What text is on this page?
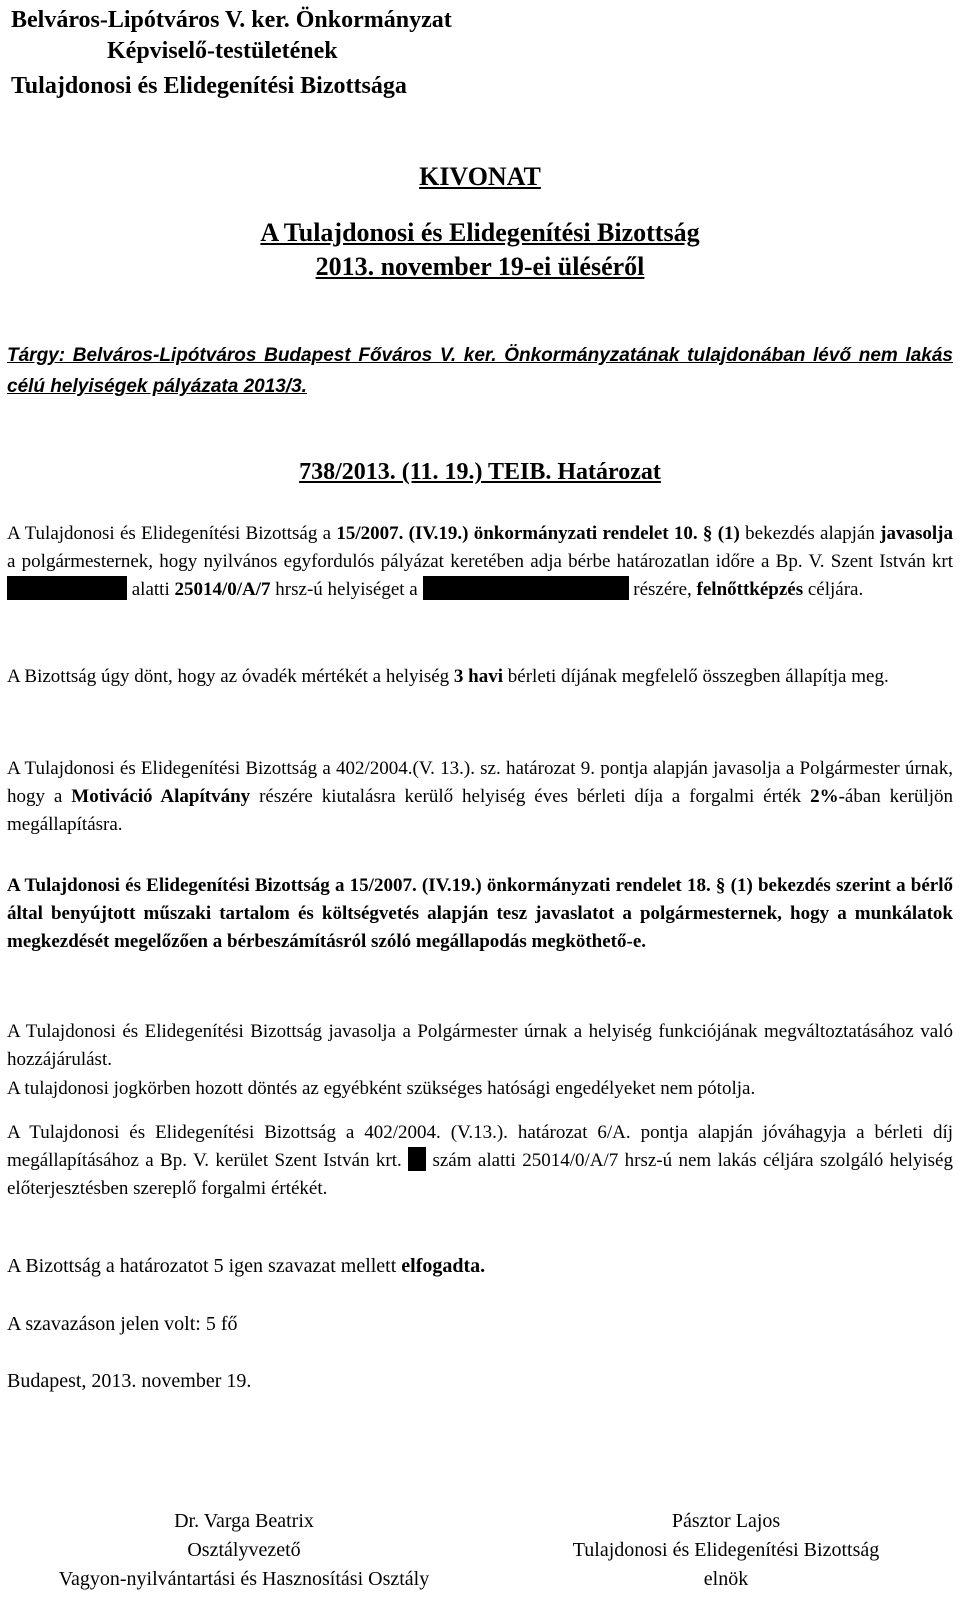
Belváros-Lipótváros V. ker. Önkormányzat
Képviselő-testületének
Tulajdonosi és Elidegenítési Bizottsága
KIVONAT
A Tulajdonosi és Elidegenítési Bizottság
2013. november 19-ei üléséről
Tárgy: Belváros-Lipótváros Budapest Főváros V. ker. Önkormányzatának tulajdonában lévő nem lakás célú helyiségek pályázata 2013/3.
738/2013. (11. 19.) TEIB. Határozat
A Tulajdonosi és Elidegenítési Bizottság a 15/2007. (IV.19.) önkormányzati rendelet 10. § (1) bekezdés alapján javasolja a polgármesternek, hogy nyilvános egyfordulós pályázat keretében adja bérbe határozatlan időre a Bp. V. Szent István krt alatti 25014/0/A/7 hrsz-ú helyiséget a	részére, felnőttképzés céljára.
A Bizottság úgy dönt, hogy az óvadék mértékét a helyiség 3 havi bérleti díjának megfelelő összegben állapítja meg.
A Tulajdonosi és Elidegenítési Bizottság a 402/2004.(V. 13.). sz. határozat 9. pontja alapján javasolja a Polgármester úrnak, hogy a Motiváció Alapítvány részére kiutalásra kerülő helyiség éves bérleti díja a forgalmi érték 2%-ában kerüljön megállapításra.
A Tulajdonosi és Elidegenítési Bizottság a 15/2007. (IV.19.) önkormányzati rendelet 18. § (1) bekezdés szerint a bérlő által benyújtott műszaki tartalom és költségvetés alapján tesz javaslatot a polgármesternek, hogy a munkálatok megkezdését megelőzően a bérbeszámításról szóló megállapodás megköthető-e.
A Tulajdonosi és Elidegenítési Bizottság javasolja a Polgármester úrnak a helyiség funkciójának megváltoztatásához való hozzájárulást.
A tulajdonosi jogkörben hozott döntés az egyébként szükséges hatósági engedélyeket nem pótolja.
A Tulajdonosi és Elidegenítési Bizottság a 402/2004. (V.13.). határozat 6/A. pontja alapján jóváhagyja a bérleti díj megállapításához a Bp. V. kerület Szent István krt.  szám alatti 25014/0/A/7 hrsz-ú nem lakás céljára szolgáló helyiség előterjesztésben szereplő forgalmi értékét.
A Bizottság a határozatot 5 igen szavazat mellett elfogadta.
A szavazáson jelen volt: 5 fő
Budapest, 2013. november 19.
Dr. Varga Beatrix
Osztályvezető
Vagyon-nyilvántartási és Hasznosítási Osztály
Pásztor Lajos
Tulajdonosi és Elidegenítési Bizottság
elnök
